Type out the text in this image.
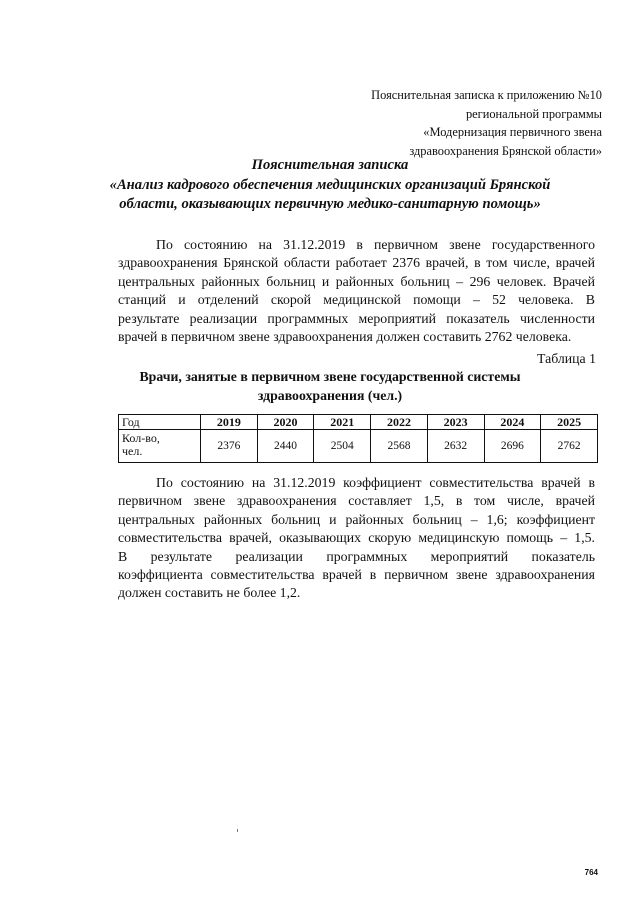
Пояснительная записка к приложению №10
региональной программы
«Модернизация первичного звена
здравоохранения Брянской области»
Пояснительная записка
«Анализ кадрового обеспечения медицинских организаций Брянской
области, оказывающих первичную медико-санитарную помощь»
По состоянию на 31.12.2019 в первичном звене государственного
здравоохранения Брянской области работает 2376 врачей, в том числе, врачей
центральных районных больниц и районных больниц – 296 человек. Врачей
станций и отделений скорой медицинской помощи – 52 человека. В
результате реализации программных мероприятий показатель численности
врачей в первичном звене здравоохранения должен составить 2762 человека.
Таблица 1
Врачи, занятые в первичном звене государственной системы
здравоохранения (чел.)
Год	2019	2020	2021	2022	2023	2024	2025

Кол-во,
чел.	2376	2440	2504	2568	2632	2696	2762
По состоянию на 31.12.2019 коэффициент совместительства врачей в
первичном звене здравоохранения составляет 1,5, в том числе, врачей
центральных районных больниц и районных больниц – 1,6; коэффициент
совместительства врачей, оказывающих скорую медицинскую помощь – 1,5.
В результате реализации программных мероприятий показатель
коэффициента совместительства врачей в первичном звене здравоохранения
должен составить не более 1,2.
764
